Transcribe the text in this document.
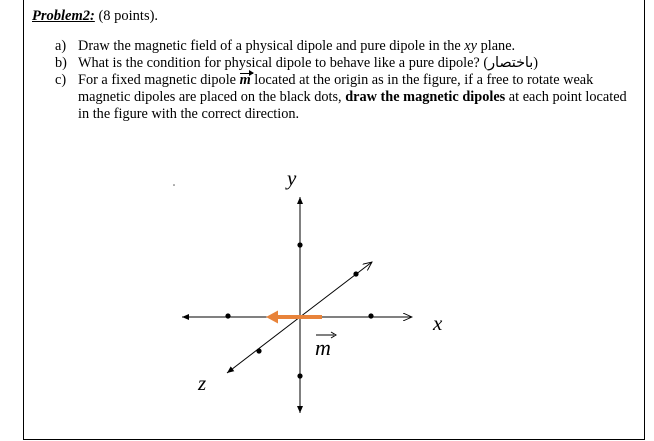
Problem2: (8 points).
a) Draw the magnetic field of a physical dipole and pure dipole in the xy plane.
b) What is the condition for physical dipole to behave like a pure dipole? (باختصار)
c) For a fixed magnetic dipole m located at the origin as in the figure, if a free to rotate weak magnetic dipoles are placed on the black dots, draw the magnetic dipoles at each point located in the figure with the correct direction.
y
x
z
m
